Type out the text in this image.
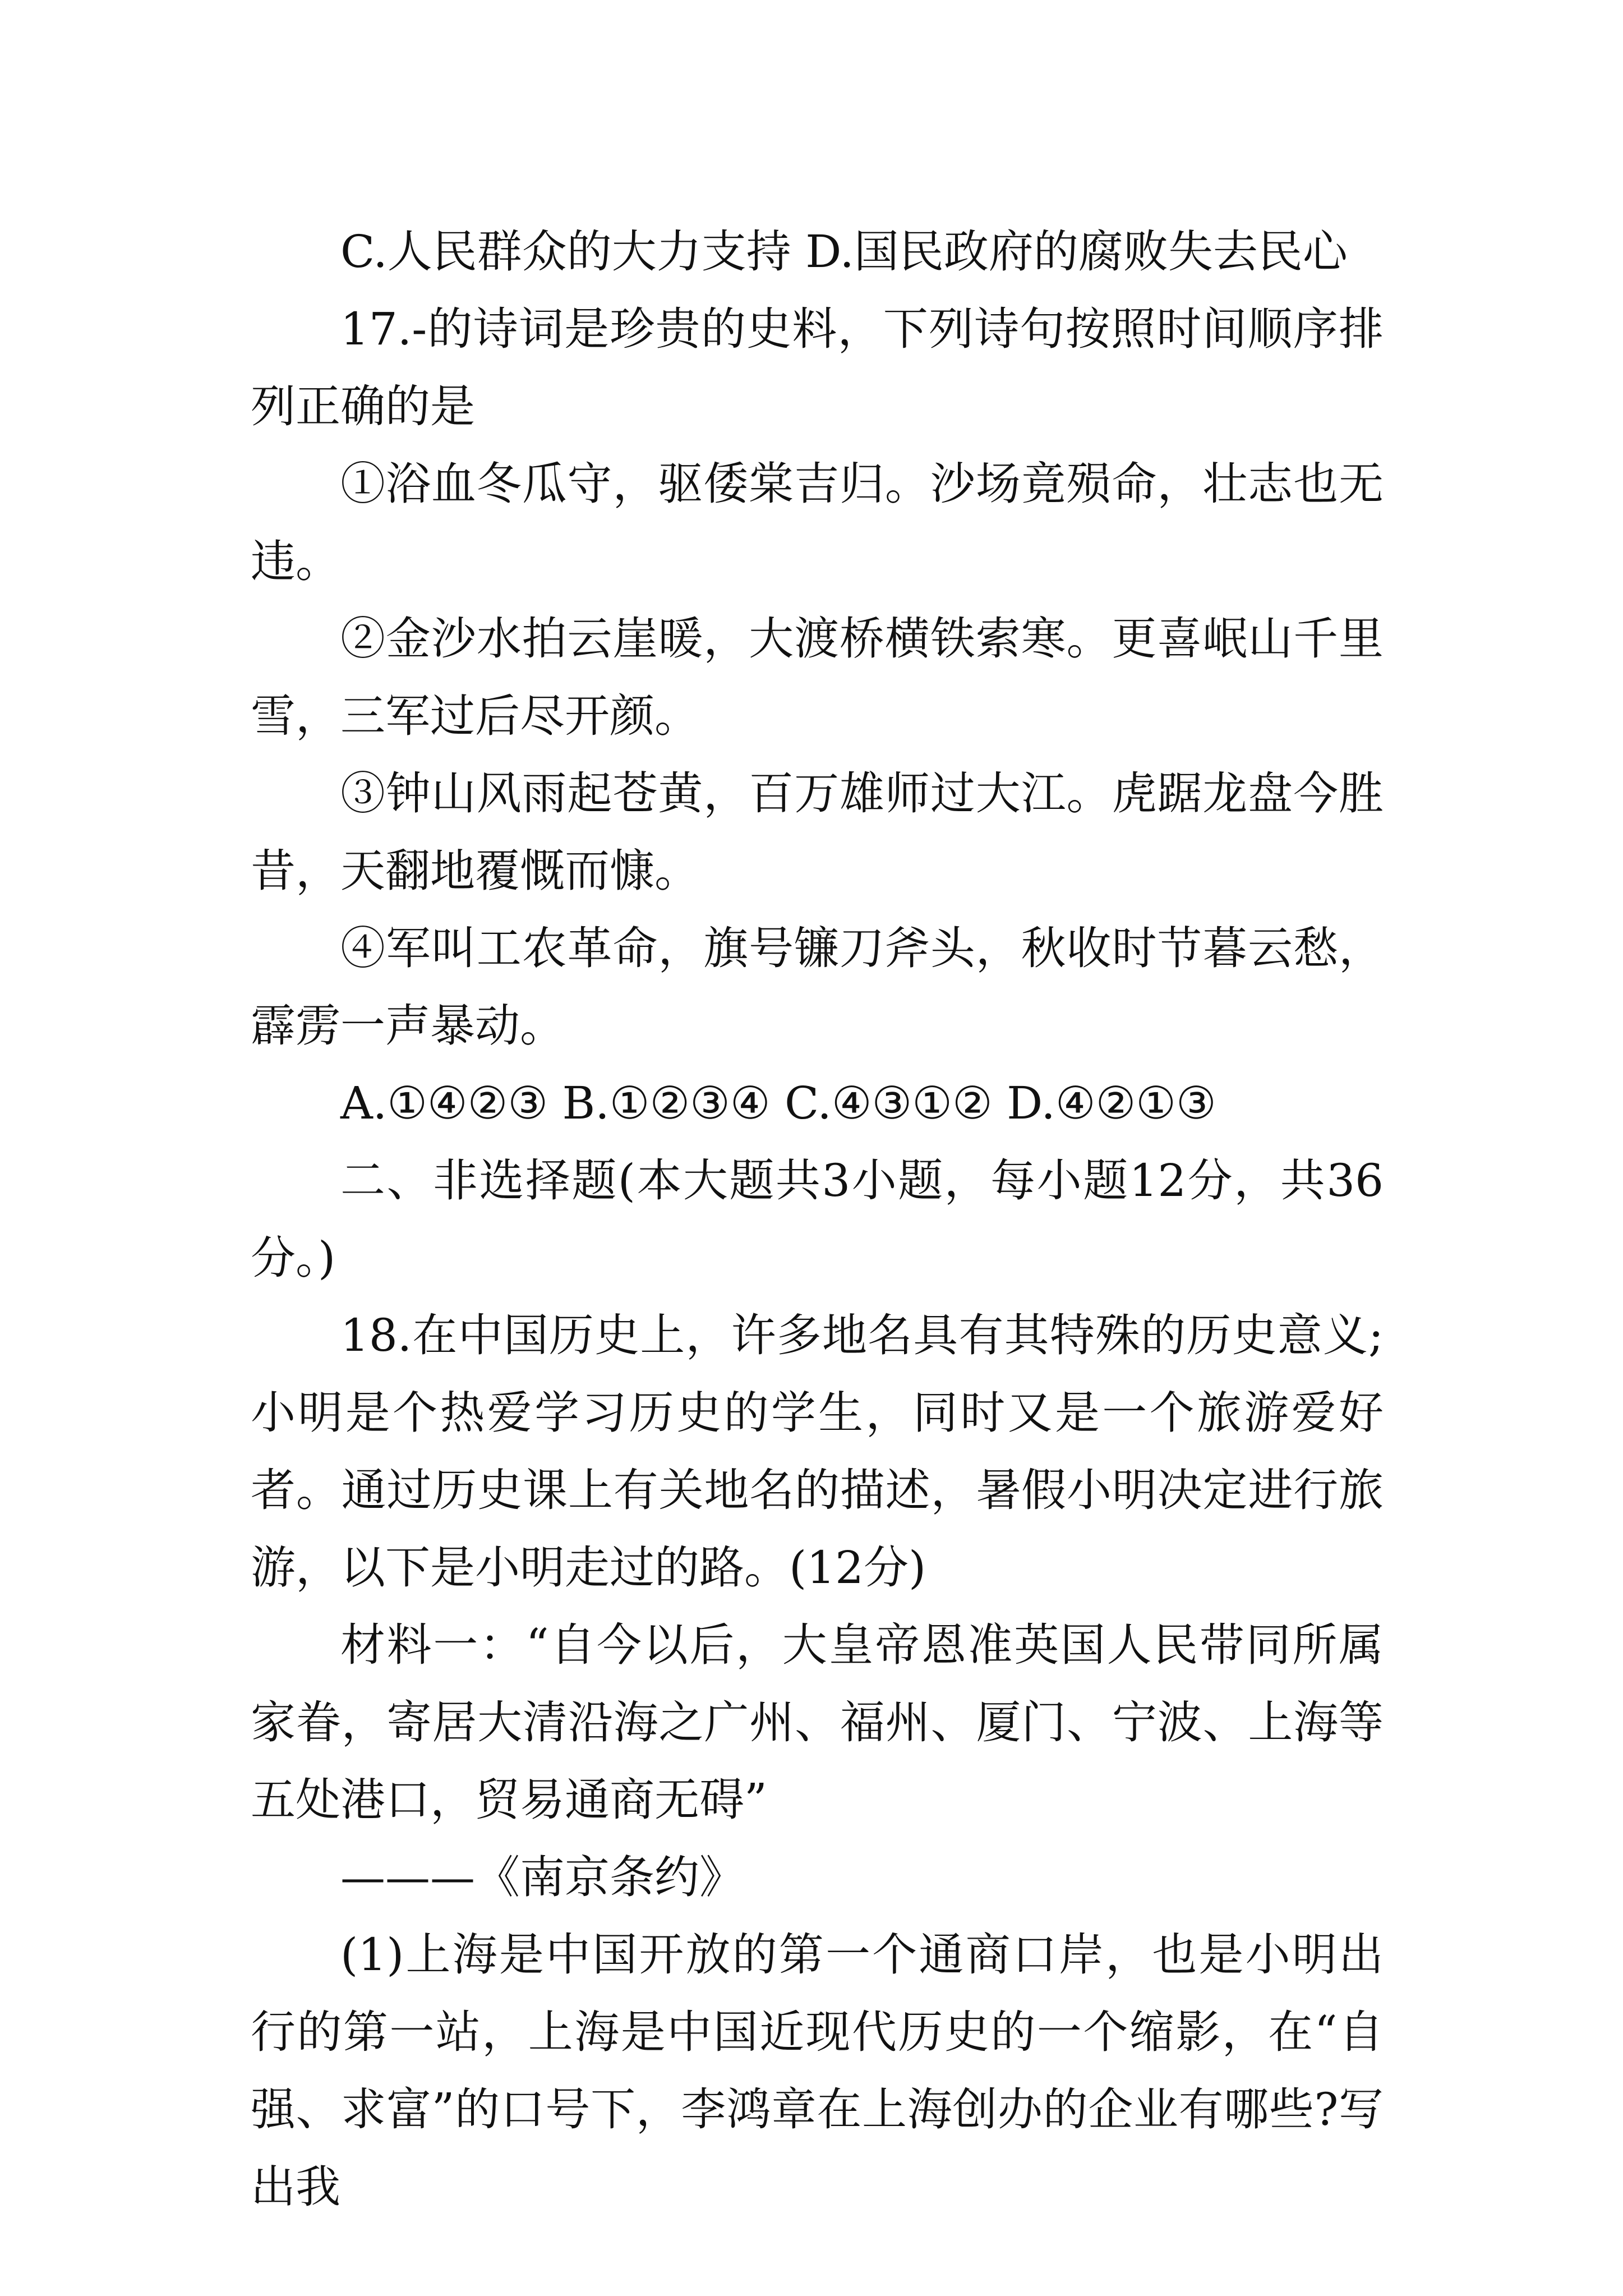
C.人民群众的大力支持 D.国民政府的腐败失去民心

17.-的诗词是珍贵的史料，下列诗句按照时间顺序排列正确的是

①浴血冬瓜守，驱倭棠吉归。沙场竟殒命，壮志也无违。

②金沙水拍云崖暖，大渡桥横铁索寒。更喜岷山千里雪，三军过后尽开颜。

③钟山风雨起苍黄，百万雄师过大江。虎踞龙盘今胜昔，天翻地覆慨而慷。

④军叫工农革命，旗号镰刀斧头，秋收时节暮云愁，霹雳一声暴动。

A.①④②③ B.①②③④ C.④③①② D.④②①③

二、非选择题(本大题共3小题，每小题12分，共36分。)

18.在中国历史上，许多地名具有其特殊的历史意义;小明是个热爱学习历史的学生，同时又是一个旅游爱好者。通过历史课上有关地名的描述，暑假小明决定进行旅游，以下是小明走过的路。(12分)

材料一：“自今以后，大皇帝恩准英国人民带同所属家眷，寄居大清沿海之广州、福州、厦门、宁波、上海等五处港口，贸易通商无碍”

———《南京条约》

(1)上海是中国开放的第一个通商口岸，也是小明出行的第一站，上海是中国近现代历史的一个缩影，在“自强、求富”的口号下，李鸿章在上海创办的企业有哪些?写出我
